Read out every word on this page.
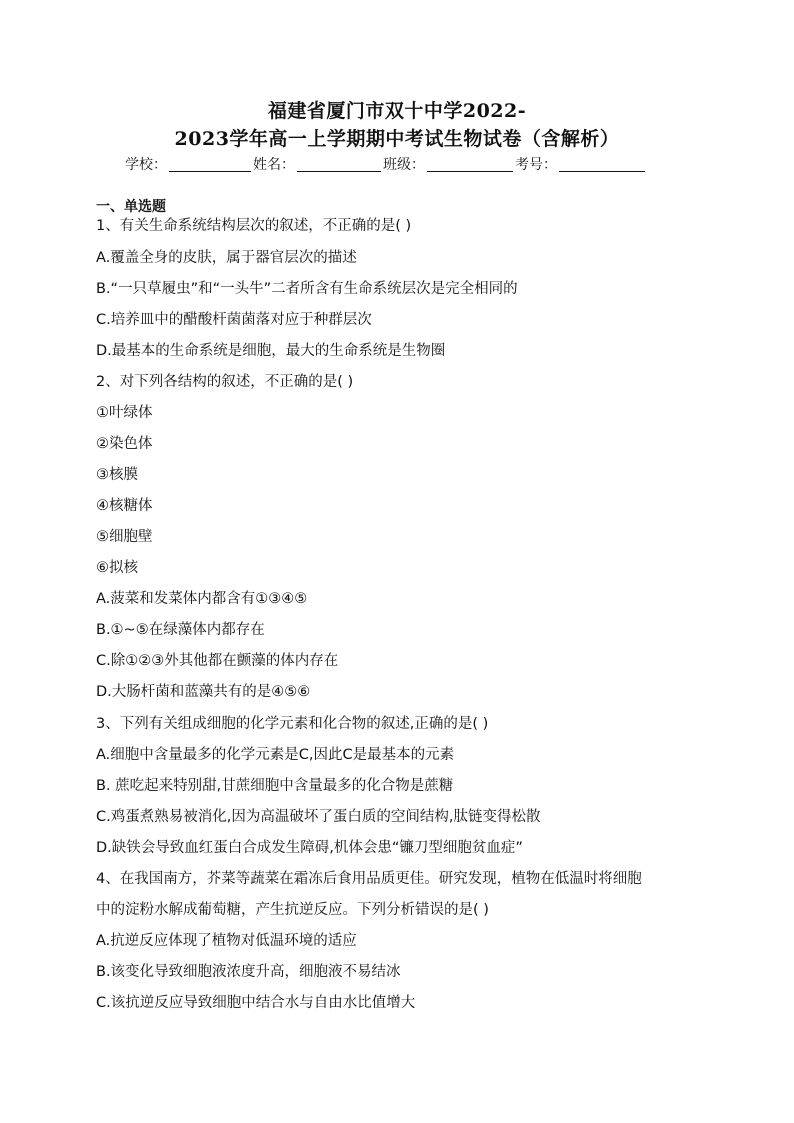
福建省厦门市双十中学2022-
2023学年高一上学期期中考试生物试卷（含解析）
学校：	姓名：	班级：	考号：
一、单选题
1、有关生命系统结构层次的叙述，不正确的是( )
A.覆盖全身的皮肤，属于器官层次的描述
B.“一只草履虫”和“一头牛”二者所含有生命系统层次是完全相同的
C.培养皿中的醋酸杆菌菌落对应于种群层次
D.最基本的生命系统是细胞，最大的生命系统是生物圈
2、对下列各结构的叙述，不正确的是( )
①叶绿体
②染色体
③核膜
④核糖体
⑤细胞壁
⑥拟核
A.菠菜和发菜体内都含有①③④⑤
B.①~⑤在绿藻体内都存在
C.除①②③外其他都在颤藻的体内存在
D.大肠杆菌和蓝藻共有的是④⑤⑥
3、下列有关组成细胞的化学元素和化合物的叙述,正确的是( )
A.细胞中含量最多的化学元素是C,因此C是最基本的元素
B. 蔗吃起来特别甜,甘蔗细胞中含量最多的化合物是蔗糖
C.鸡蛋煮熟易被消化,因为高温破坏了蛋白质的空间结构,肽链变得松散
D.缺铁会导致血红蛋白合成发生障碍,机体会患“镰刀型细胞贫血症”
4、在我国南方，芥菜等蔬菜在霜冻后食用品质更佳。研究发现，植物在低温时将细胞
中的淀粉水解成葡萄糖，产生抗逆反应。下列分析错误的是( )
A.抗逆反应体现了植物对低温环境的适应
B.该变化导致细胞液浓度升高，细胞液不易结冰
C.该抗逆反应导致细胞中结合水与自由水比值增大
